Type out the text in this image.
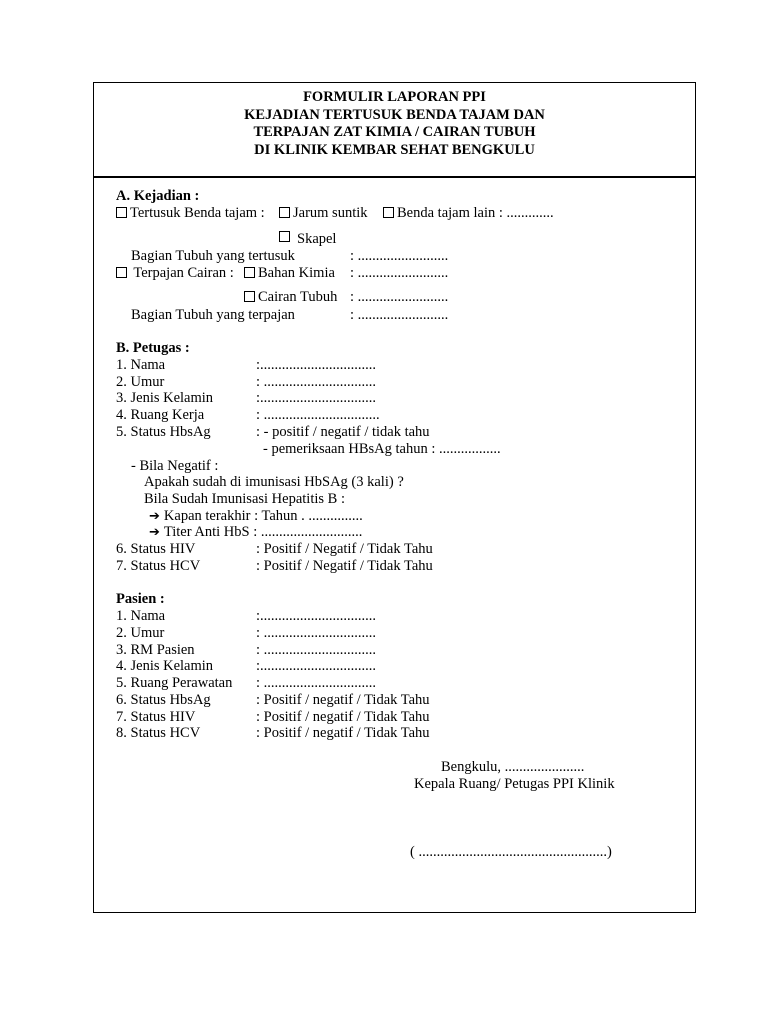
FORMULIR LAPORAN PPI
KEJADIAN TERTUSUK BENDA TAJAM DAN
TERPAJAN ZAT KIMIA / CAIRAN TUBUH
DI KLINIK KEMBAR SEHAT BENGKULU
A. Kejadian :
Tertusuk Benda tajam :	Jarum suntik	Benda tajam lain : .............
Skapel
Bagian Tubuh yang tertusuk	: .........................
Terpajan Cairan :	Bahan Kimia : .........................
Cairan Tubuh : .........................
Bagian Tubuh yang terpajan	: .........................
B. Petugas :
1. Nama	:................................
2. Umur	: ...............................
3. Jenis Kelamin	:................................
4. Ruang Kerja	: ................................
5. Status HbsAg	: - positif / negatif / tidak tahu
- pemeriksaan HBsAg tahun : .................
- Bila Negatif :
Apakah sudah di imunisasi HbSAg (3 kali) ?
Bila Sudah Imunisasi Hepatitis B :
➔ Kapan terakhir : Tahun . ...............
➔ Titer Anti HbS : ............................
6. Status HIV	: Positif / Negatif / Tidak Tahu
7. Status HCV	: Positif / Negatif / Tidak Tahu
Pasien :
1. Nama	:................................
2. Umur	: ...............................
3. RM Pasien	: ...............................
4. Jenis Kelamin	:................................
5. Ruang Perawatan : ...............................
6. Status HbsAg	: Positif / negatif / Tidak Tahu
7. Status HIV	: Positif / negatif / Tidak Tahu
8. Status HCV	: Positif / negatif / Tidak Tahu
Bengkulu, ......................
Kepala Ruang/ Petugas PPI Klinik
( ....................................................)
